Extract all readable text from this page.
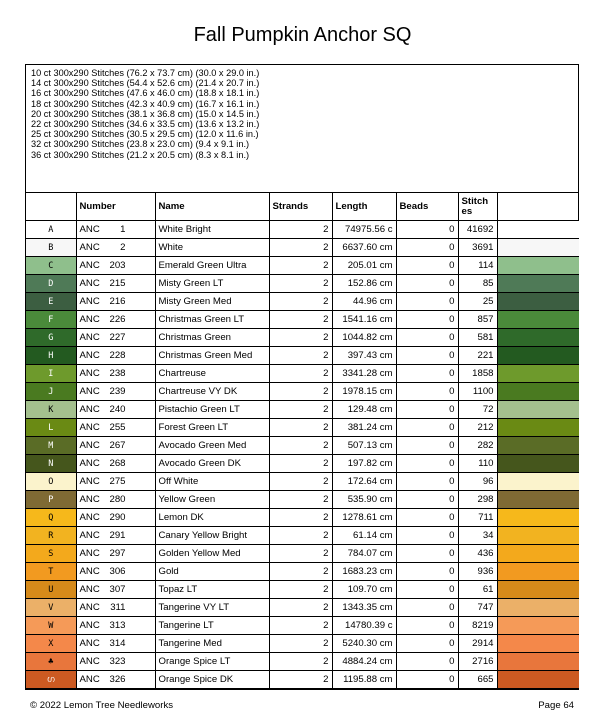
Fall Pumpkin Anchor SQ
10 ct 300x290 Stitches (76.2 x 73.7 cm) (30.0 x 29.0 in.)
14 ct 300x290 Stitches (54.4 x 52.6 cm) (21.4 x 20.7 in.)
16 ct 300x290 Stitches (47.6 x 46.0 cm) (18.8 x 18.1 in.)
18 ct 300x290 Stitches (42.3 x 40.9 cm) (16.7 x 16.1 in.)
20 ct 300x290 Stitches (38.1 x 36.8 cm) (15.0 x 14.5 in.)
22 ct 300x290 Stitches (34.6 x 33.5 cm) (13.6 x 13.2 in.)
25 ct 300x290 Stitches (30.5 x 29.5 cm) (12.0 x 11.6 in.)
32 ct 300x290 Stitches (23.8 x 23.0 cm) (9.4 x 9.1 in.)
36 ct 300x290 Stitches (21.2 x 20.5 cm) (8.3 x 8.1 in.)
	Number	Name	Strands	Length	Beads	Stitch es	
A	ANC 1	White Bright	2	74975.56 c	0	41692	
B	ANC 2	White	2	6637.60 cm	0	3691	
C	ANC 203	Emerald Green Ultra	2	205.01 cm	0	114	
D	ANC 215	Misty Green LT	2	152.86 cm	0	85	
E	ANC 216	Misty Green Med	2	44.96 cm	0	25	
F	ANC 226	Christmas Green LT	2	1541.16 cm	0	857	
G	ANC 227	Christmas Green	2	1044.82 cm	0	581	
H	ANC 228	Christmas Green Med	2	397.43 cm	0	221	
I	ANC 238	Chartreuse	2	3341.28 cm	0	1858	
J	ANC 239	Chartreuse VY DK	2	1978.15 cm	0	1100	
K	ANC 240	Pistachio Green LT	2	129.48 cm	0	72	
L	ANC 255	Forest Green LT	2	381.24 cm	0	212	
M	ANC 267	Avocado Green Med	2	507.13 cm	0	282	
N	ANC 268	Avocado Green DK	2	197.82 cm	0	110	
O	ANC 275	Off White	2	172.64 cm	0	96	
P	ANC 280	Yellow Green	2	535.90 cm	0	298	
Q	ANC 290	Lemon DK	2	1278.61 cm	0	711	
R	ANC 291	Canary Yellow Bright	2	61.14 cm	0	34	
S	ANC 297	Golden Yellow Med	2	784.07 cm	0	436	
T	ANC 306	Gold	2	1683.23 cm	0	936	
U	ANC 307	Topaz LT	2	109.70 cm	0	61	
V	ANC 311	Tangerine VY LT	2	1343.35 cm	0	747	
W	ANC 313	Tangerine LT	2	14780.39 c	0	8219	
X	ANC 314	Tangerine Med	2	5240.30 cm	0	2914	
♣	ANC 323	Orange Spice LT	2	4884.24 cm	0	2716	
ഗ	ANC 326	Orange Spice DK	2	1195.88 cm	0	665	
© 2022 Lemon Tree Needleworks	Page 64
